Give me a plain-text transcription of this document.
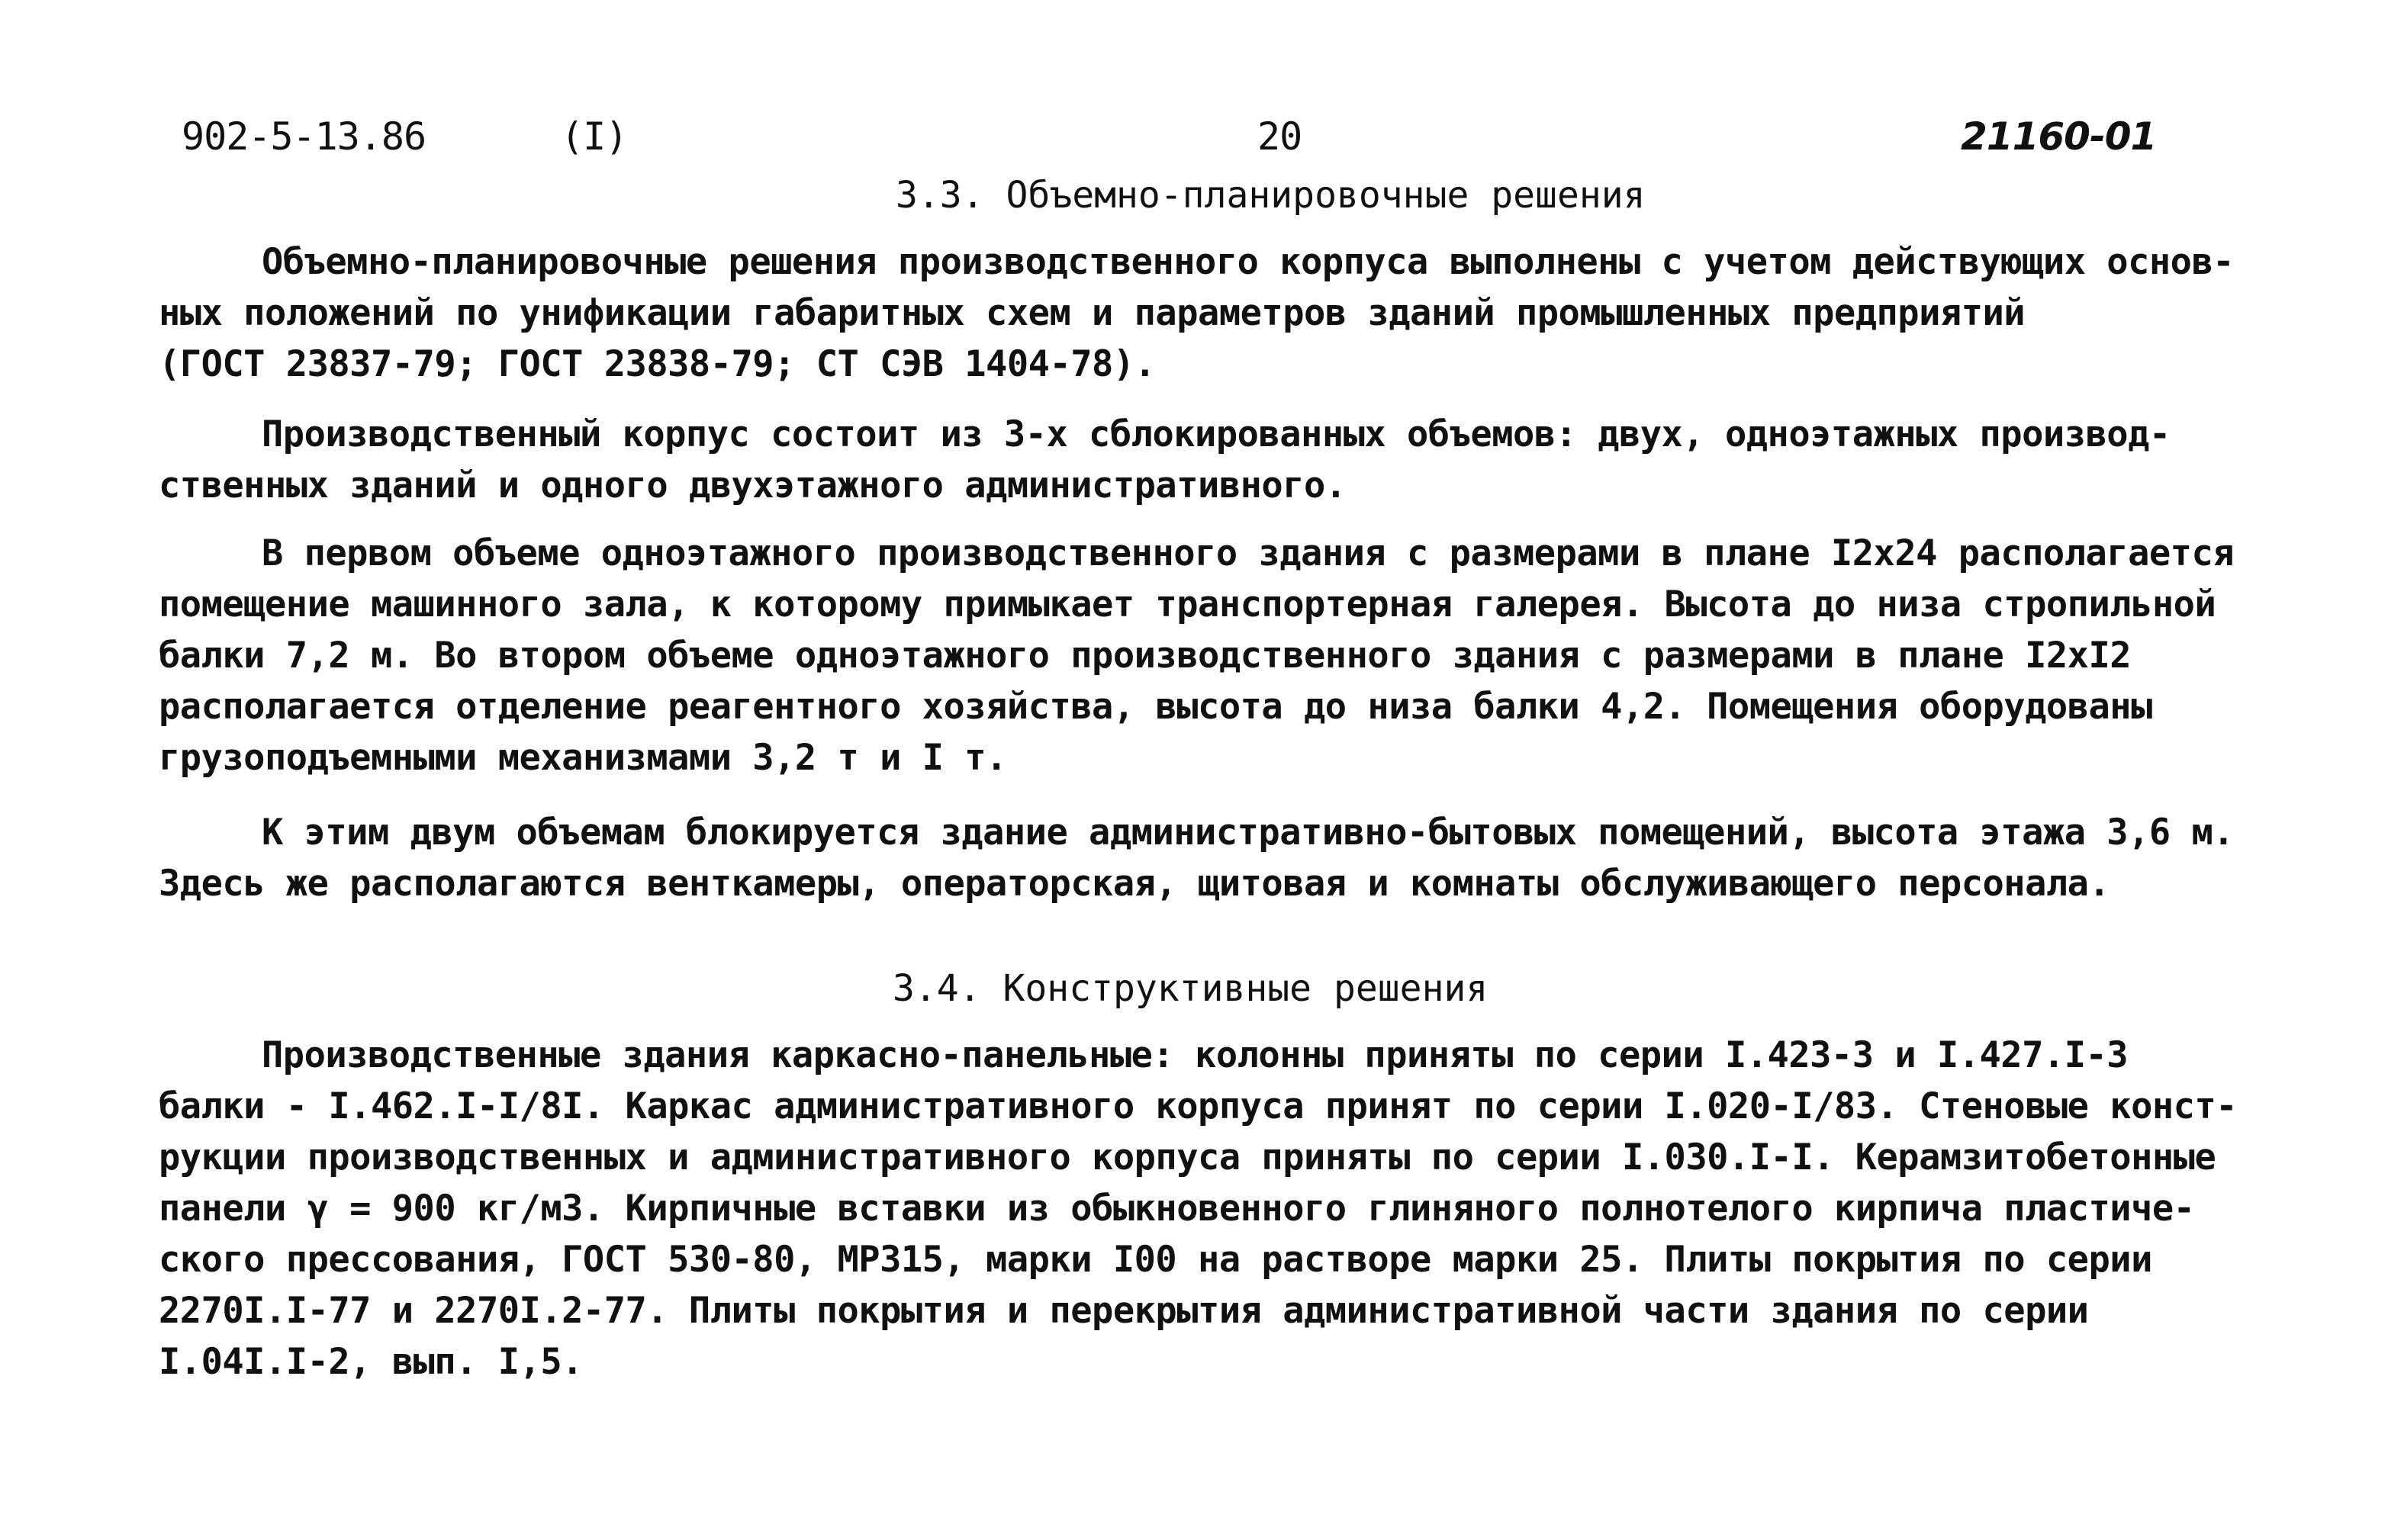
902-5-13.86	(I)	20	21160-01
3.3. Объемно-планировочные решения
Объемно-планировочные решения производственного корпуса выполнены с учетом действующих основ-
ных положений по унификации габаритных схем и параметров зданий промышленных предприятий
(ГОСТ 23837-79; ГОСТ 23838-79; СТ СЭВ 1404-78).
Производственный корпус состоит из 3-х сблокированных объемов: двух, одноэтажных производ-
ственных зданий и одного двухэтажного административного.
В первом объеме одноэтажного производственного здания с размерами в плане I2x24 располагается
помещение машинного зала, к которому примыкает транспортерная галерея. Высота до низа стропильной
балки 7,2 м. Во втором объеме одноэтажного производственного здания с размерами в плане I2xI2
располагается отделение реагентного хозяйства, высота до низа балки 4,2. Помещения оборудованы
грузоподъемными механизмами 3,2 т и I т.
К этим двум объемам блокируется здание административно-бытовых помещений, высота этажа 3,6 м.
Здесь же располагаются венткамеры, операторская, щитовая и комнаты обслуживающего персонала.
3.4. Конструктивные решения
Производственные здания каркасно-панельные: колонны приняты по серии I.423-3 и I.427.I-3
балки - I.462.I-I/8I. Каркас административного корпуса принят по серии I.020-I/83. Стеновые конст-
рукции производственных и административного корпуса приняты по серии I.030.I-I. Керамзитобетонные
панели γ = 900 кг/м3. Кирпичные вставки из обыкновенного глиняного полнотелого кирпича пластиче-
ского прессования, ГОСТ 530-80, МРЗ15, марки I00 на растворе марки 25. Плиты покрытия по серии
2270I.I-77 и 2270I.2-77. Плиты покрытия и перекрытия административной части здания по серии
I.04I.I-2, вып. I,5.
